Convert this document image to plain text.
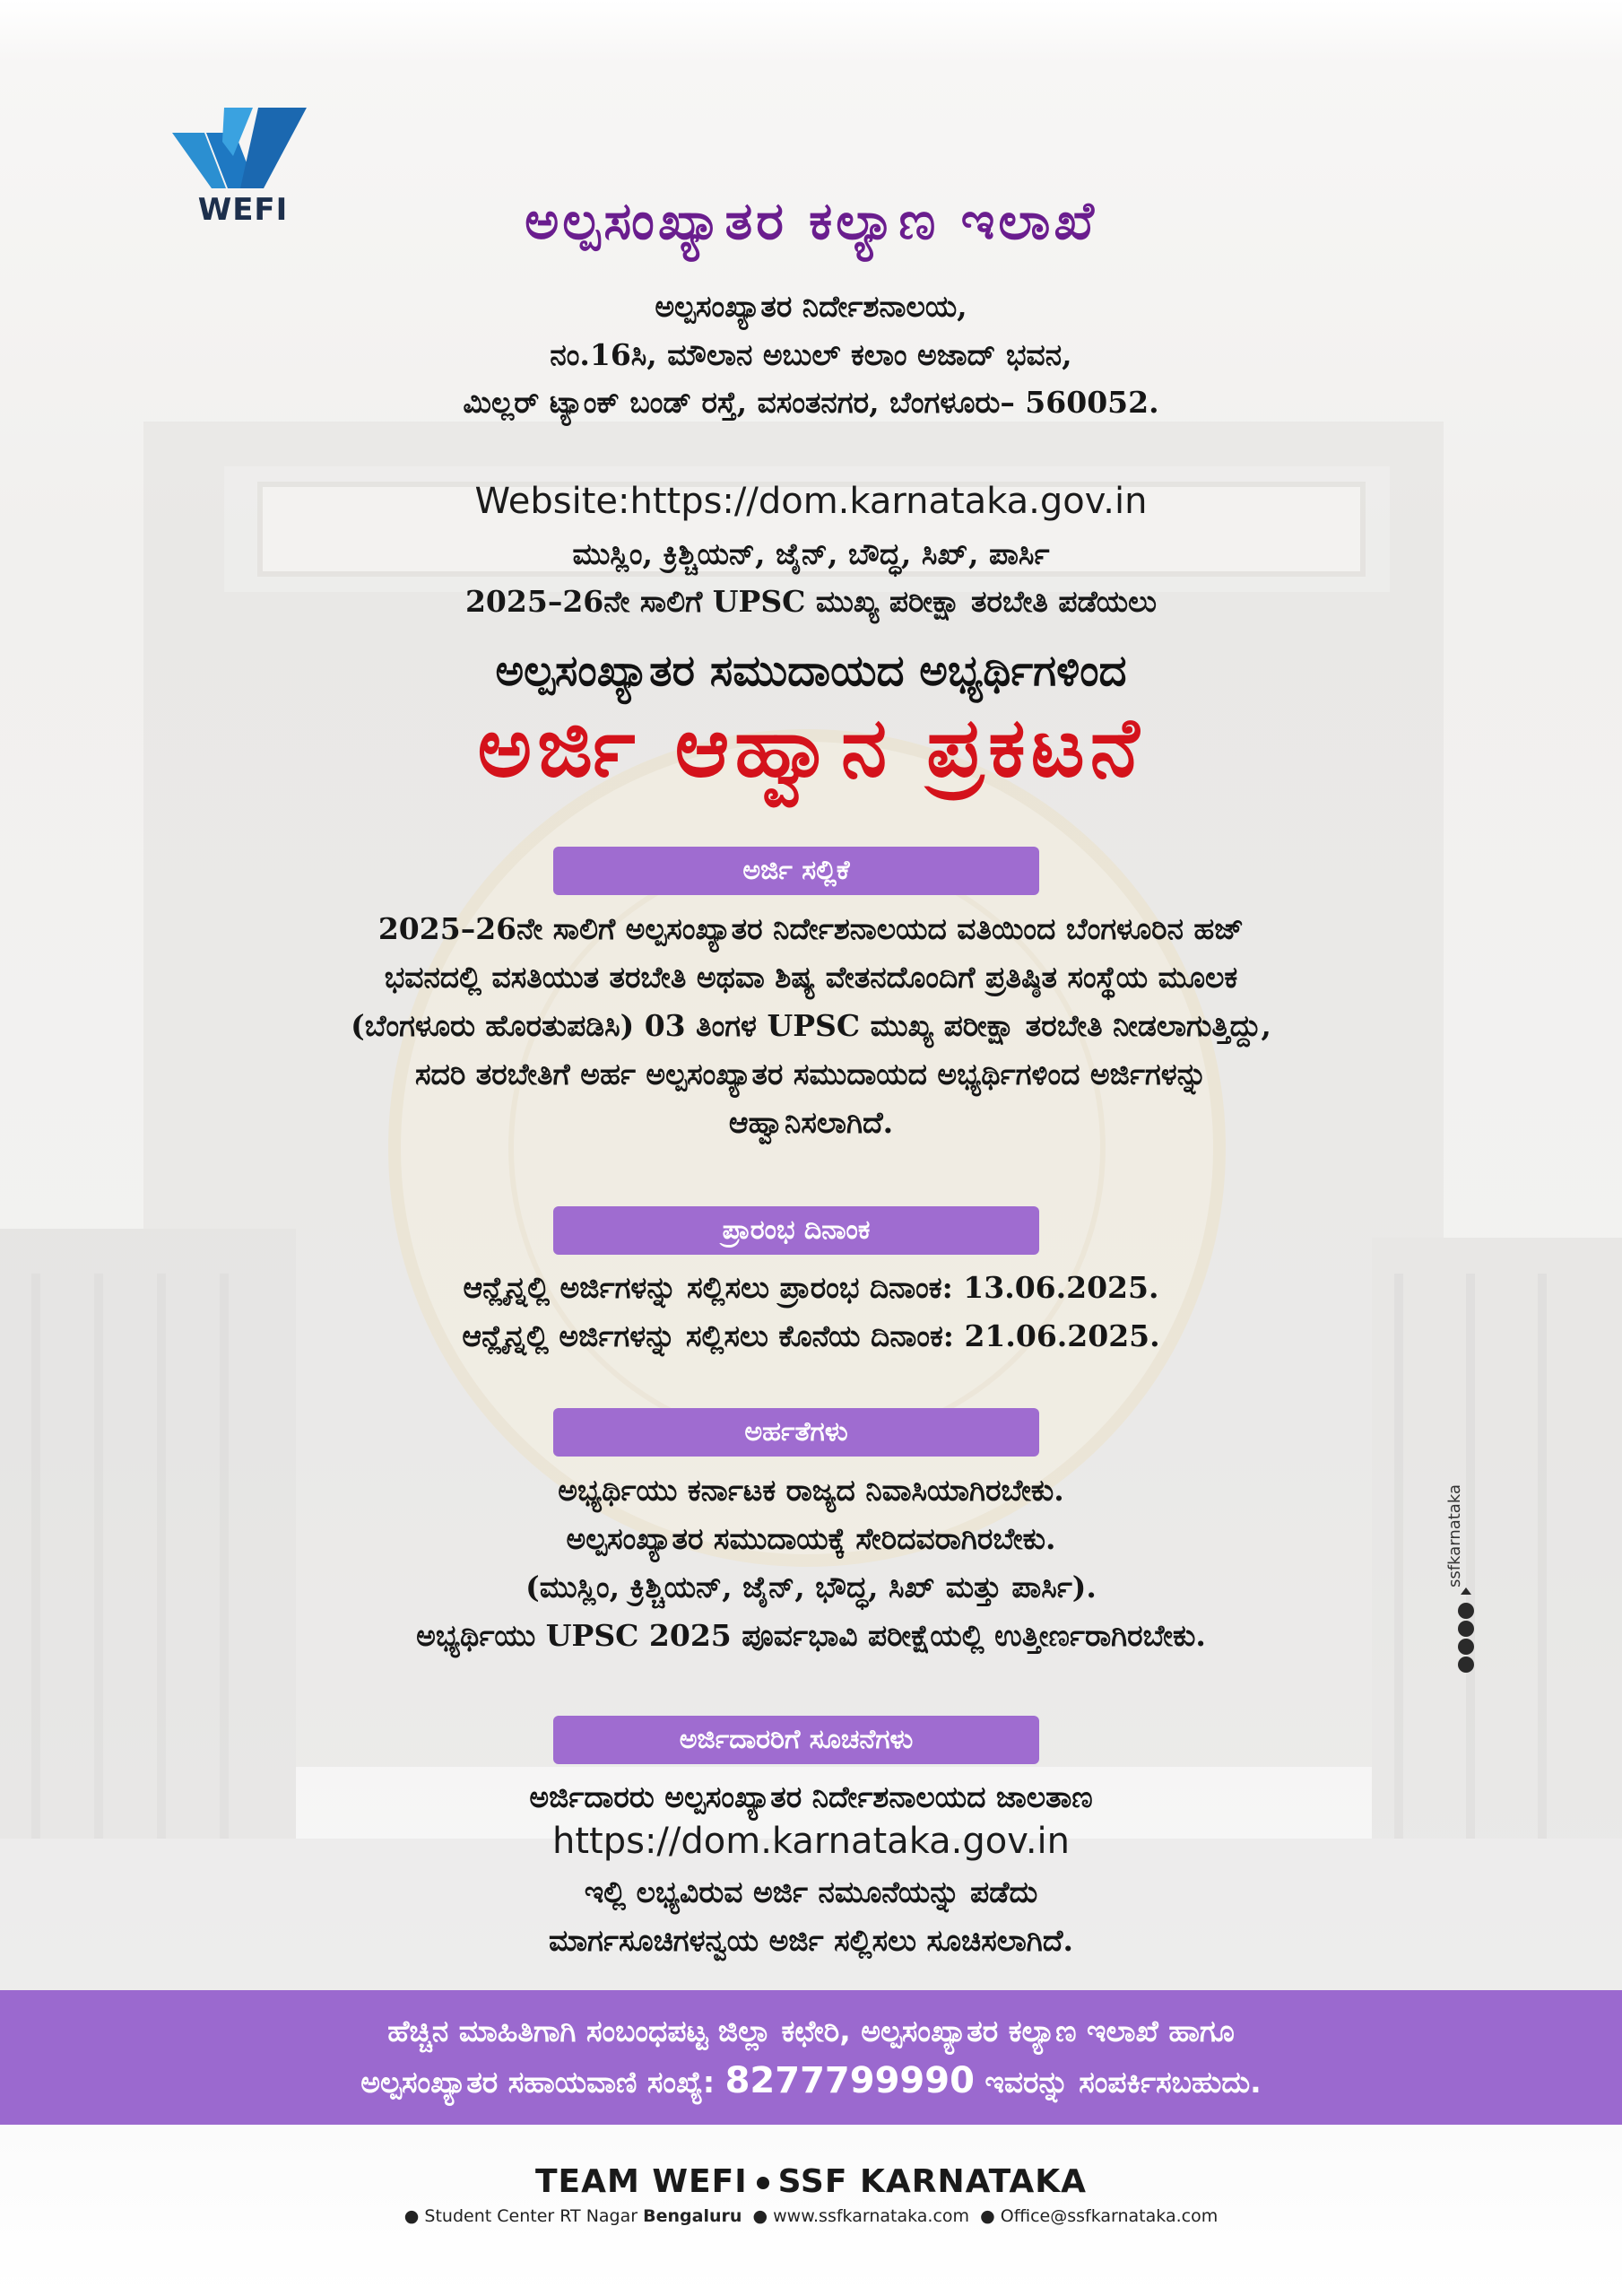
WEFI	ಅಲ್ಪಸಂಖ್ಯಾತರ ಕಲ್ಯಾಣ ಇಲಾಖೆ
ಅಲ್ಪಸಂಖ್ಯಾತರ ನಿರ್ದೇಶನಾಲಯ,
ನಂ.16ಸಿ, ಮೌಲಾನ ಅಬುಲ್ ಕಲಾಂ ಅಜಾದ್ ಭವನ,
ಮಿಲ್ಲರ್ ಟ್ಯಾಂಕ್ ಬಂಡ್ ರಸ್ತೆ, ವಸಂತನಗರ, ಬೆಂಗಳೂರು– 560052.
Website:https://dom.karnataka.gov.in
ಮುಸ್ಲಿಂ, ಕ್ರಿಶ್ಚಿಯನ್, ಜೈನ್, ಬೌದ್ಧ, ಸಿಖ್, ಪಾರ್ಸಿ
2025–26ನೇ ಸಾಲಿಗೆ UPSC ಮುಖ್ಯ ಪರೀಕ್ಷಾ ತರಬೇತಿ ಪಡೆಯಲು
ಅಲ್ಪಸಂಖ್ಯಾತರ ಸಮುದಾಯದ ಅಭ್ಯರ್ಥಿಗಳಿಂದ
ಅರ್ಜಿ ಆಹ್ವಾನ ಪ್ರಕಟನೆ
ಅರ್ಜಿ ಸಲ್ಲಿಕೆ
2025–26ನೇ ಸಾಲಿಗೆ ಅಲ್ಪಸಂಖ್ಯಾತರ ನಿರ್ದೇಶನಾಲಯದ ವತಿಯಿಂದ ಬೆಂಗಳೂರಿನ ಹಜ್
ಭವನದಲ್ಲಿ ವಸತಿಯುತ ತರಬೇತಿ ಅಥವಾ ಶಿಷ್ಯ ವೇತನದೊಂದಿಗೆ ಪ್ರತಿಷ್ಠಿತ ಸಂಸ್ಥೆಯ ಮೂಲಕ
(ಬೆಂಗಳೂರು ಹೊರತುಪಡಿಸಿ) 03 ತಿಂಗಳ UPSC ಮುಖ್ಯ ಪರೀಕ್ಷಾ ತರಬೇತಿ ನೀಡಲಾಗುತ್ತಿದ್ದು,
ಸದರಿ ತರಬೇತಿಗೆ ಅರ್ಹ ಅಲ್ಪಸಂಖ್ಯಾತರ ಸಮುದಾಯದ ಅಭ್ಯರ್ಥಿಗಳಿಂದ ಅರ್ಜಿಗಳನ್ನು
ಆಹ್ವಾನಿಸಲಾಗಿದೆ.
ಪ್ರಾರಂಭ ದಿನಾಂಕ
ಆನ್ಲೈನ್ನಲ್ಲಿ ಅರ್ಜಿಗಳನ್ನು ಸಲ್ಲಿಸಲು ಪ್ರಾರಂಭ ದಿನಾಂಕ: 13.06.2025.
ಆನ್ಲೈನ್ನಲ್ಲಿ ಅರ್ಜಿಗಳನ್ನು ಸಲ್ಲಿಸಲು ಕೊನೆಯ ದಿನಾಂಕ: 21.06.2025.
ಅರ್ಹತೆಗಳು
ಅಭ್ಯರ್ಥಿಯು ಕರ್ನಾಟಕ ರಾಜ್ಯದ ನಿವಾಸಿಯಾಗಿರಬೇಕು.
ಅಲ್ಪಸಂಖ್ಯಾತರ ಸಮುದಾಯಕ್ಕೆ ಸೇರಿದವರಾಗಿರಬೇಕು.
(ಮುಸ್ಲಿಂ, ಕ್ರಿಶ್ಚಿಯನ್, ಜೈನ್, ಭೌದ್ಧ, ಸಿಖ್ ಮತ್ತು ಪಾರ್ಸಿ).
ಅಭ್ಯರ್ಥಿಯು UPSC 2025 ಪೂರ್ವಭಾವಿ ಪರೀಕ್ಷೆಯಲ್ಲಿ ಉತ್ತೀರ್ಣರಾಗಿರಬೇಕು.
ಅರ್ಜಿದಾರರಿಗೆ ಸೂಚನೆಗಳು
ಅರ್ಜಿದಾರರು ಅಲ್ಪಸಂಖ್ಯಾತರ ನಿರ್ದೇಶನಾಲಯದ ಜಾಲತಾಣ
https://dom.karnataka.gov.in
ಇಲ್ಲಿ ಲಭ್ಯವಿರುವ ಅರ್ಜಿ ನಮೂನೆಯನ್ನು ಪಡೆದು
ಮಾರ್ಗಸೂಚಿಗಳನ್ವಯ ಅರ್ಜಿ ಸಲ್ಲಿಸಲು ಸೂಚಿಸಲಾಗಿದೆ.
ಹೆಚ್ಚಿನ ಮಾಹಿತಿಗಾಗಿ ಸಂಬಂಧಪಟ್ಟ ಜಿಲ್ಲಾ ಕಛೇರಿ, ಅಲ್ಪಸಂಖ್ಯಾತರ ಕಲ್ಯಾಣ ಇಲಾಖೆ ಹಾಗೂ
ಅಲ್ಪಸಂಖ್ಯಾತರ ಸಹಾಯವಾಣಿ ಸಂಖ್ಯೆ: 8277799990 ಇವರನ್ನು ಸಂಪರ್ಕಿಸಬಹುದು.
TEAM WEFI SSF KARNATAKA
● Student Center RT Nagar Bengaluru ● www.ssfkarnataka.com ● Office@ssfkarnataka.com
ssfkarnataka
